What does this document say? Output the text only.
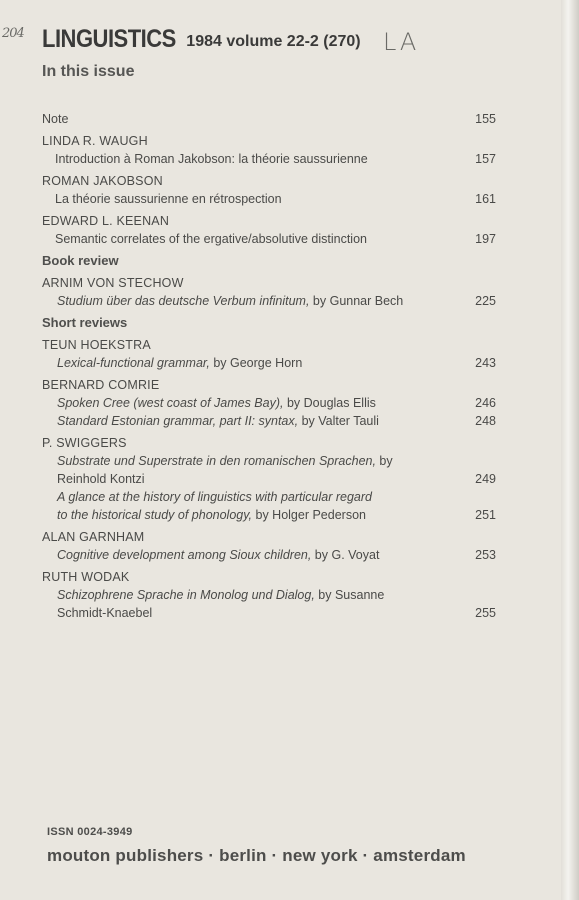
204	LA
LINGUISTICS 1984 volume 22-2 (270)
In this issue
Note	155
LINDA R. WAUGH
Introduction à Roman Jakobson: la théorie saussurienne	157
ROMAN JAKOBSON
La théorie saussurienne en rétrospection	161
EDWARD L. KEENAN
Semantic correlates of the ergative/absolutive distinction	197
Book review
ARNIM VON STECHOW
Studium über das deutsche Verbum infinitum, by Gunnar Bech	225
Short reviews
TEUN HOEKSTRA
Lexical-functional grammar, by George Horn	243
BERNARD COMRIE
Spoken Cree (west coast of James Bay), by Douglas Ellis	246
Standard Estonian grammar, part II: syntax, by Valter Tauli	248
P. SWIGGERS
Substrate und Superstrate in den romanischen Sprachen, by
Reinhold Kontzi	249
A glance at the history of linguistics with particular regard
to the historical study of phonology, by Holger Pederson	251
ALAN GARNHAM
Cognitive development among Sioux children, by G. Voyat	253
RUTH WODAK
Schizophrene Sprache in Monolog und Dialog, by Susanne
Schmidt-Knaebel	255
ISSN 0024-3949
mouton publishers · berlin · new york · amsterdam
